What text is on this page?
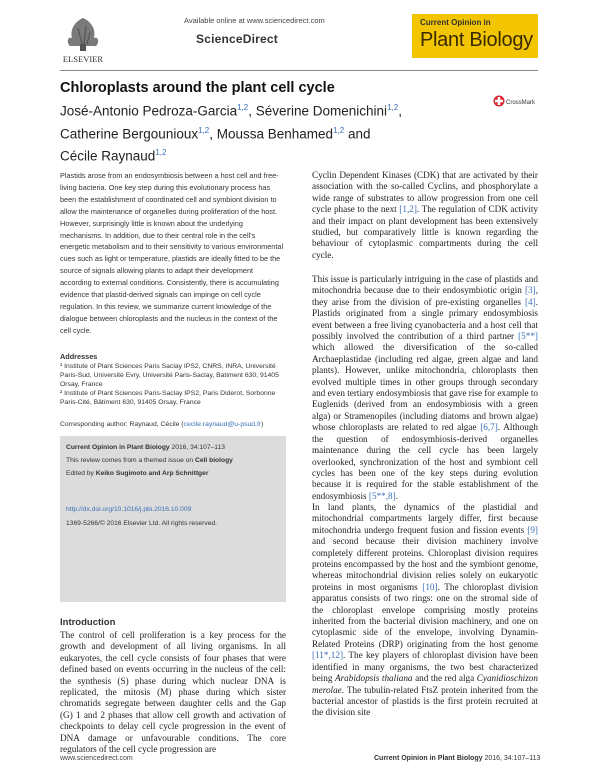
ELSEVIER
Available online at www.sciencedirect.com
ScienceDirect
Current Opinion in
Plant Biology
Chloroplasts around the plant cell cycle
José-Antonio Pedroza-Garcia$^{1,2}$, Séverine Domenichini$^{1,2}$,
Catherine Bergounioux$^{1,2}$, Moussa Benhamed$^{1,2}$ and
Cécile Raynaud$^{1,2}$
CrossMark
Plastids arose from an endosymbiosis between a host cell and free-living bacteria. One key step during this evolutionary process has been the establishment of coordinated cell and symbiont division to allow the maintenance of organelles during proliferation of the host. However, surprisingly little is known about the underlying mechanisms. In addition, due to their central role in the cell's energetic metabolism and to their sensitivity to various environmental cues such as light or temperature, plastids are ideally fitted to be the source of signals allowing plants to adapt their development according to external conditions. Consistently, there is accumulating evidence that plastid-derived signals can impinge on cell cycle regulation. In this review, we summarize current knowledge of the dialogue between chloroplasts and the nucleus in the context of the cell cycle.
Addresses
¹ Institute of Plant Sciences Paris Saclay IPS2, CNRS, INRA, Université Paris-Sud, Université Evry, Université Paris-Saclay, Batiment 630, 91405 Orsay, France
² Institute of Plant Sciences Paris-Saclay IPS2, Paris Diderot, Sorbonne Paris-Cité, Bâtiment 630, 91405 Orsay, France
Corresponding author: Raynaud, Cécile (cecile.raynaud@u-psud.fr)
Current Opinion in Plant Biology 2016, 34:107–113
This review comes from a themed issue on Cell biology
Edited by Keiko Sugimoto and Arp Schnittger
http://dx.doi.org/10.1016/j.pbi.2016.10.009
1369-5266/© 2016 Elsevier Ltd. All rights reserved.
Introduction
The control of cell proliferation is a key process for the growth and development of all living organisms. In all eukaryotes, the cell cycle consists of four phases that were defined based on events occurring in the nucleus of the cell: the synthesis (S) phase during which nuclear DNA is replicated, the mitosis (M) phase during which sister chromatids segregate between daughter cells and the Gap (G) 1 and 2 phases that allow cell growth and activation of checkpoints to delay cell cycle progression in the event of DNA damage or unfavourable conditions. The core regulators of the cell cycle progression are
Cyclin Dependent Kinases (CDK) that are activated by their association with the so-called Cyclins, and phosphorylate a wide range of substrates to allow progression from one cell cycle phase to the next [1,2]. The regulation of CDK activity and their impact on plant development has been extensively studied, but comparatively little is known regarding the behaviour of cytoplasmic compartments during the cell cycle.
This issue is particularly intriguing in the case of plastids and mitochondria because due to their endosymbiotic origin [3], they arise from the division of pre-existing organelles [4]. Plastids originated from a single primary endosymbiosis event between a free living cyanobacteria and a host cell that possibly involved the contribution of a third partner [5**] which allowed the diversification of the so-called Archaeplastidae (including red algae, green algae and land plants). However, unlike mitochondria, chloroplasts then evolved multiple times in other groups through secondary and even tertiary endosymbiosis that gave rise for example to Euglenids (derived from an endosymbiosis with a green alga) or Stramenopiles (including diatoms and brown algae) whose chloroplasts are related to red algae [6,7]. Although the question of endosymbiosis-derived organelles maintenance during the cell cycle has been largely overlooked, synchronization of the host and symbiont cell cycles has been one of the key steps during evolution because it is required for the stable establishment of the endosymbiosis [5**,8].
In land plants, the dynamics of the plastidial and mitochondrial compartments largely differ, first because mitochondria undergo frequent fusion and fission events [9] and second because their division machinery involve completely different proteins. Chloroplast division requires proteins encompassed by the host and the symbiont genome, whereas mitochondrial division relies solely on eukaryotic proteins in most organisms [10]. The chloroplast division apparatus consists of two rings: one on the stromal side of the chloroplast envelope comprising mostly proteins inherited from the bacterial division machinery, and one on cytoplasmic side of the envelope, involving Dynamin-Related Proteins (DRP) originating from the host genome [11*,12]. The key players of chloroplast division have been identified in many organisms, the two best characterized being Arabidopsis thaliana and the red alga Cyanidioschizon merolae. The tubulin-related FtsZ protein inherited from the bacterial ancestor of plastids is the first protein recruited at the division site
www.sciencedirect.com	Current Opinion in Plant Biology 2016, 34:107–113
